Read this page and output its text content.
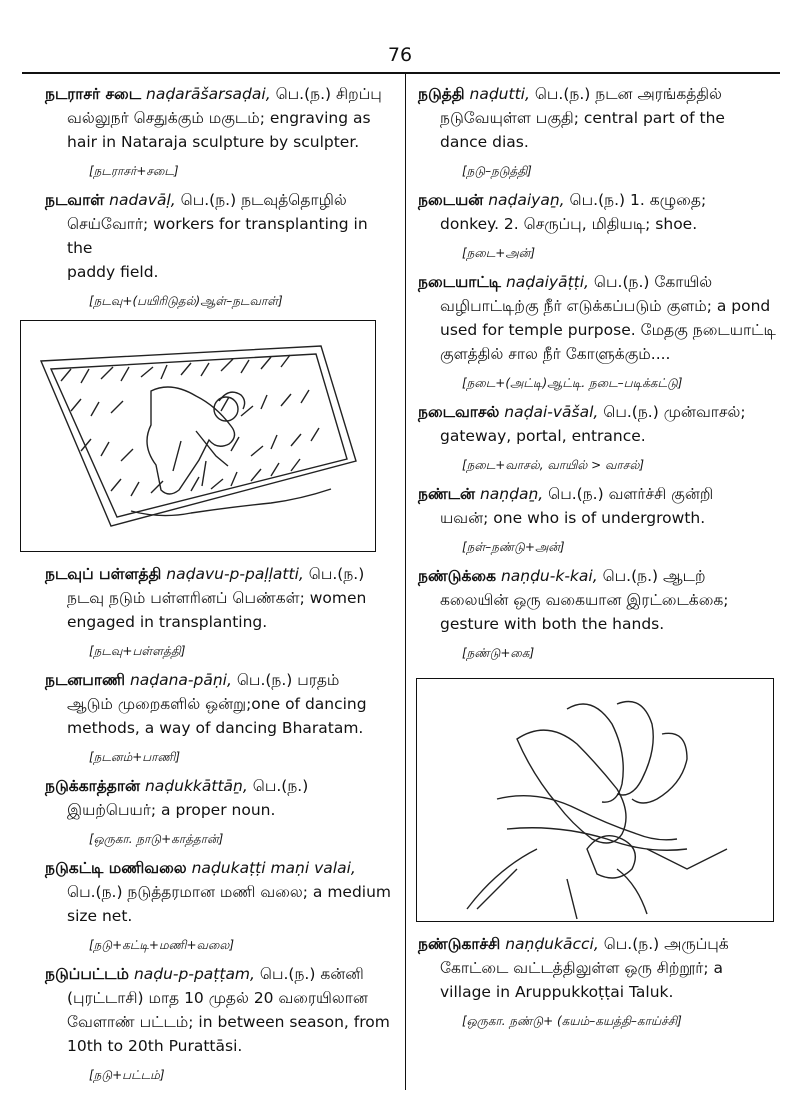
76
நடராசர் சடை naḍarāšarsaḍai, பெ.(ந.) சிறப்பு
வல்லுநர் செதுக்கும் மகுடம்; engraving as
hair in Nataraja sculpture by sculpter.
[நடராசர்+சடை]
நடவாள் nadavāḷ, பெ.(ந.) நடவுத்தொழில்
செய்வோர்; workers for transplanting in the
paddy field.
[நடவு+(பயிரிடுதல்)ஆள்–நடவாள்]
நடவுப் பள்ளத்தி naḍavu-p-paḷḷatti, பெ.(ந.)
நடவு நடும் பள்ளரினப் பெண்கள்; women
engaged in transplanting.
[நடவு+பள்ளத்தி]
நடனபாணி naḍana-pāṇi, பெ.(ந.) பரதம்
ஆடும் முறைகளில் ஒன்று;one of dancing
methods, a way of dancing Bharatam.
[நடனம்+பாணி]
நடுக்காத்தான் naḍukkāttāṉ, பெ.(ந.)
இயற்பெயர்; a proper noun.
[ஒருகா. நாடு+காத்தான்]
நடுகட்டி மணிவலை naḍukaṭṭi maṇi valai,
பெ.(ந.) நடுத்தரமான மணி வலை; a medium
size net.
[நடு+கட்டி+மணி+வலை]
நடுப்பட்டம் naḍu-p-paṭṭam, பெ.(ந.) கன்னி
(புரட்டாசி) மாத 10 முதல் 20 வரையிலான
வேளாண் பட்டம்; in between season, from
10th to 20th Purattāsi.
[நடு+பட்டம்]
நடுத்தி naḍutti, பெ.(ந.) நடன அரங்கத்தில்
நடுவேயுள்ள பகுதி; central part of the
dance dias.
[நடு–நடுத்தி]
நடையன் naḍaiyaṉ, பெ.(ந.) 1. கழுதை;
donkey. 2. செருப்பு, மிதியடி; shoe.
[நடை+அன்]
நடையாட்டி naḍaiyāṭṭi, பெ.(ந.) கோயில்
வழிபாட்டிற்கு நீர் எடுக்கப்படும் குளம்; a pond
used for temple purpose. மேதகு நடையாட்டி
குளத்தில் சால நீர் கோளுக்கும்....
[நடை+(அட்டி)ஆட்டி. நடை–படிக்கட்டு]
நடைவாசல் naḍai-vāšal, பெ.(ந.) முன்வாசல்;
gateway, portal, entrance.
[நடை+வாசல், வாயில் > வாசல்]
நண்டன் naṇḍaṉ, பெ.(ந.) வளர்ச்சி குன்றி
யவன்; one who is of undergrowth.
[நள்–நண்டு+அன்]
நண்டுக்கை naṇḍu-k-kai, பெ.(ந.) ஆடற்
கலையின் ஒரு வகையான இரட்டைக்கை;
gesture with both the hands.
[நண்டு+கை]
நண்டுகாச்சி naṇḍukācci, பெ.(ந.) அருப்புக்
கோட்டை வட்டத்திலுள்ள ஒரு சிற்றூர்; a
village in Aruppukkoṭṭai Taluk.
[ஒருகா. நண்டு+ (கயம்–கயத்தி–காய்ச்சி]
